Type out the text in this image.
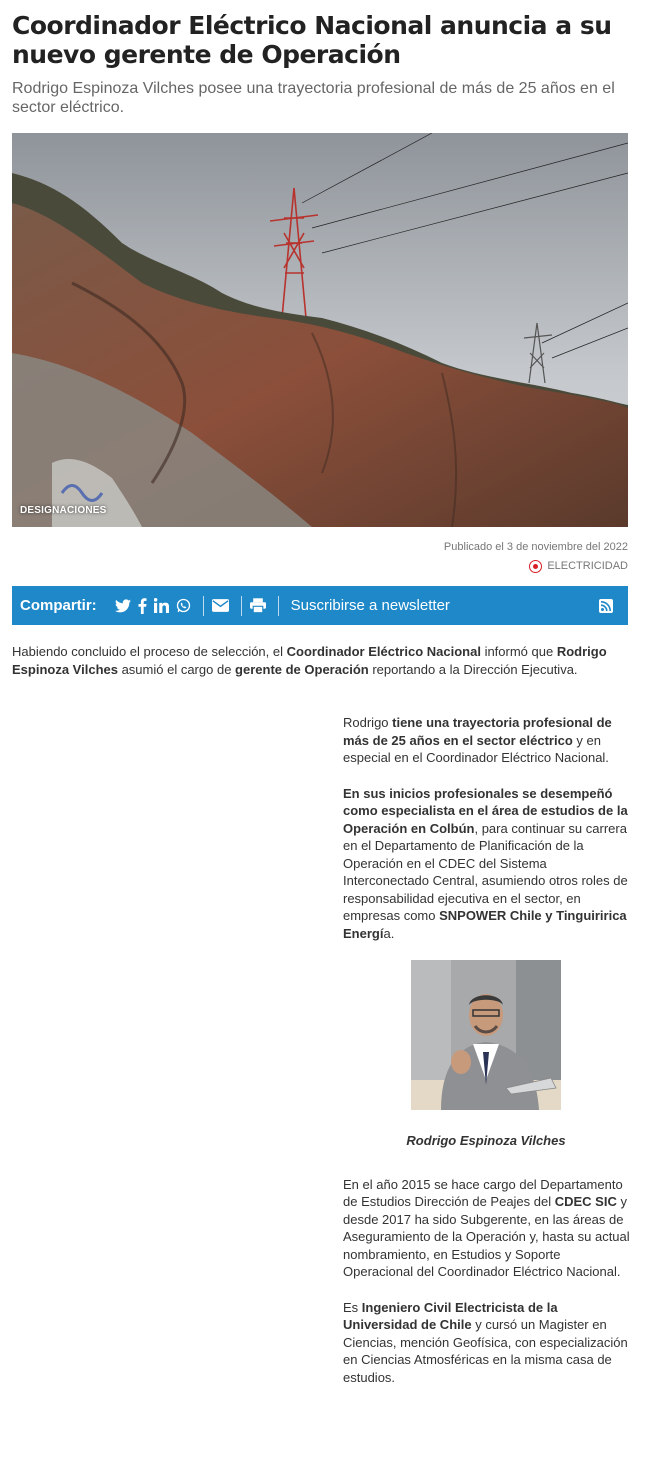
Coordinador Eléctrico Nacional anuncia a su nuevo gerente de Operación

Rodrigo Espinoza Vilches posee una trayectoria profesional de más de 25 años en el sector eléctrico.

DESIGNACIONES
Publicado el 3 de noviembre del 2022
ELECTRICIDAD
Compartir:	Suscribirse a newsletter

Habiendo concluido el proceso de selección, el Coordinador Eléctrico Nacional informó que Rodrigo Espinoza Vilches asumió el cargo de gerente de Operación reportando a la Dirección Ejecutiva.

Rodrigo tiene una trayectoria profesional de más de 25 años en el sector eléctrico y en especial en el Coordinador Eléctrico Nacional.

En sus inicios profesionales se desempeñó como especialista en el área de estudios de la Operación en Colbún, para continuar su carrera en el Departamento de Planificación de la Operación en el CDEC del Sistema Interconectado Central, asumiendo otros roles de responsabilidad ejecutiva en el sector, en empresas como SNPOWER Chile y Tinguiririca Energía.

Rodrigo Espinoza Vilches

En el año 2015 se hace cargo del Departamento de Estudios Dirección de Peajes del CDEC SIC y desde 2017 ha sido Subgerente, en las áreas de Aseguramiento de la Operación y, hasta su actual nombramiento, en Estudios y Soporte Operacional del Coordinador Eléctrico Nacional.

Es Ingeniero Civil Electricista de la Universidad de Chile y cursó un Magister en Ciencias, mención Geofísica, con especialización en Ciencias Atmosféricas en la misma casa de estudios.
